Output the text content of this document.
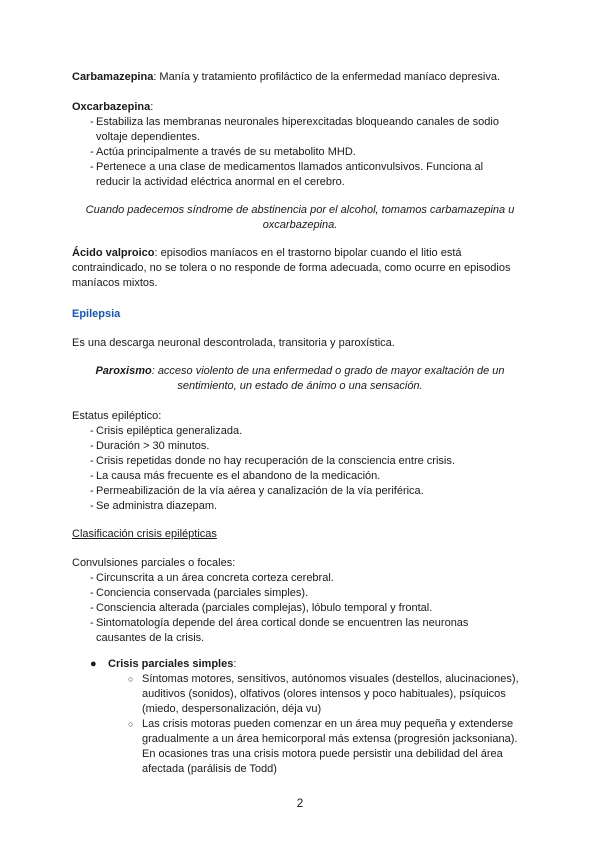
Carbamazepina: Manía y tratamiento profiláctico de la enfermedad maníaco depresiva.

Oxcarbazepina:

- Estabiliza las membranas neuronales hiperexcitadas bloqueando canales de sodio voltaje dependientes.
- Actúa principalmente a través de su metabolito MHD.
- Pertenece a una clase de medicamentos llamados anticonvulsivos. Funciona al reducir la actividad eléctrica anormal en el cerebro.

Cuando padecemos síndrome de abstinencia por el alcohol, tomamos carbamazepina u oxcarbazepina.

Ácido valproico: episodios maníacos en el trastorno bipolar cuando el litio está contraindicado, no se tolera o no responde de forma adecuada, como ocurre en episodios maníacos mixtos.

Epilepsia

Es una descarga neuronal descontrolada, transitoria y paroxística.

Paroxismo: acceso violento de una enfermedad o grado de mayor exaltación de un sentimiento, un estado de ánimo o una sensación.

Estatus epiléptico:

- Crisis epiléptica generalizada.
- Duración > 30 minutos.
- Crisis repetidas donde no hay recuperación de la consciencia entre crisis.
- La causa más frecuente es el abandono de la medicación.
- Permeabilización de la vía aérea y canalización de la vía periférica.
- Se administra diazepam.

Clasificación crisis epilépticas

Convulsiones parciales o focales:

- Circunscrita a un área concreta corteza cerebral.
- Conciencia conservada (parciales simples).
- Consciencia alterada (parciales complejas), lóbulo temporal y frontal.
- Sintomatología depende del área cortical donde se encuentren las neuronas causantes de la crisis.
● Crisis parciales simples:
○ Síntomas motores, sensitivos, autónomos visuales (destellos, alucinaciones), auditivos (sonidos), olfativos (olores intensos y poco habituales), psíquicos (miedo, despersonalización, déja vu)
○ Las crisis motoras pueden comenzar en un área muy pequeña y extenderse gradualmente a un área hemicorporal más extensa (progresión jacksoniana). En ocasiones tras una crisis motora puede persistir una debilidad del área afectada (parálisis de Todd)
2
